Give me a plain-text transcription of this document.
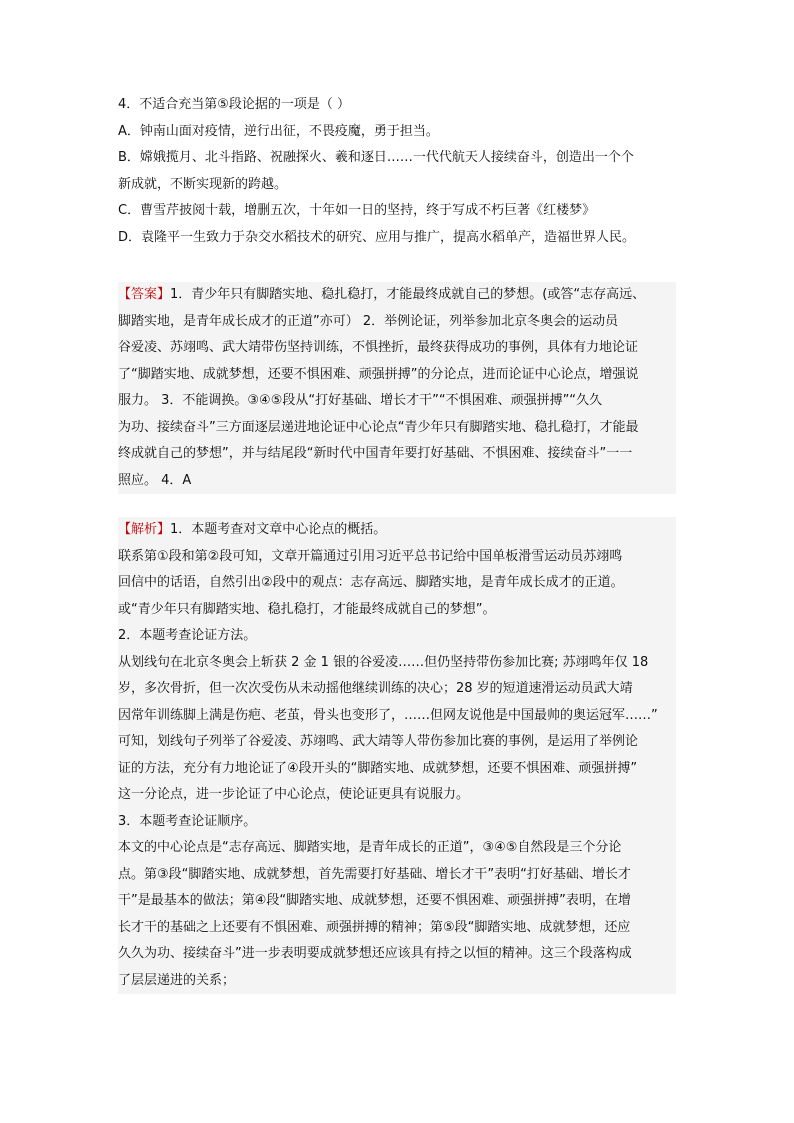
4．不适合充当第⑤段论据的一项是（ ）
A．钟南山面对疫情，逆行出征，不畏疫魔，勇于担当。
B．嫦娥揽月、北斗指路、祝融探火、羲和逐日……一代代航天人接续奋斗，创造出一个个
新成就，不断实现新的跨越。
C．曹雪芹披阅十载，增删五次，十年如一日的坚持，终于写成不朽巨著《红楼梦》
D．袁隆平一生致力于杂交水稻技术的研究、应用与推广，提高水稻单产，造福世界人民。
【答案】1．青少年只有脚踏实地、稳扎稳打，才能最终成就自己的梦想。(或答“志存高远、
脚踏实地，是青年成长成才的正道”亦可） 2．举例论证，列举参加北京冬奥会的运动员
谷爱凌、苏翊鸣、武大靖带伤坚持训练，不惧挫折，最终获得成功的事例，具体有力地论证
了“脚踏实地、成就梦想，还要不惧困难、顽强拼搏”的分论点，进而论证中心论点，增强说
服力。 3．不能调换。③④⑤段从“打好基础、增长才干”“不惧困难、顽强拼搏”“久久
为功、接续奋斗”三方面逐层递进地论证中心论点“青少年只有脚踏实地、稳扎稳打，才能最
终成就自己的梦想”，并与结尾段“新时代中国青年要打好基础、不惧困难、接续奋斗”一一
照应。 4．A
【解析】1．本题考查对文章中心论点的概括。
联系第①段和第②段可知，文章开篇通过引用习近平总书记给中国单板滑雪运动员苏翊鸣
回信中的话语，自然引出②段中的观点：志存高远、脚踏实地，是青年成长成才的正道。
或“青少年只有脚踏实地、稳扎稳打，才能最终成就自己的梦想”。
2．本题考查论证方法。
从划线句在北京冬奥会上斩获 2 金 1 银的谷爱凌……但仍坚持带伤参加比赛; 苏翊鸣年仅 18
岁，多次骨折，但一次次受伤从未动摇他继续训练的决心；28 岁的短道速滑运动员武大靖
因常年训练脚上满是伤疤、老茧，骨头也变形了，……但网友说他是中国最帅的奥运冠军……”
可知，划线句子列举了谷爱凌、苏翊鸣、武大靖等人带伤参加比赛的事例，是运用了举例论
证的方法，充分有力地论证了④段开头的“脚踏实地、成就梦想，还要不惧困难、顽强拼搏”
这一分论点，进一步论证了中心论点，使论证更具有说服力。
3．本题考查论证顺序。
本文的中心论点是“志存高远、脚踏实地，是青年成长的正道”，③④⑤自然段是三个分论
点。第③段“脚踏实地、成就梦想，首先需要打好基础、增长才干”表明“打好基础、增长才
干”是最基本的做法；第④段“脚踏实地、成就梦想，还要不惧困难、顽强拼搏”表明，在增
长才干的基础之上还要有不惧困难、顽强拼搏的精神；第⑤段“脚踏实地、成就梦想，还应
久久为功、接续奋斗”进一步表明要成就梦想还应该具有持之以恒的精神。这三个段落构成
了层层递进的关系；
